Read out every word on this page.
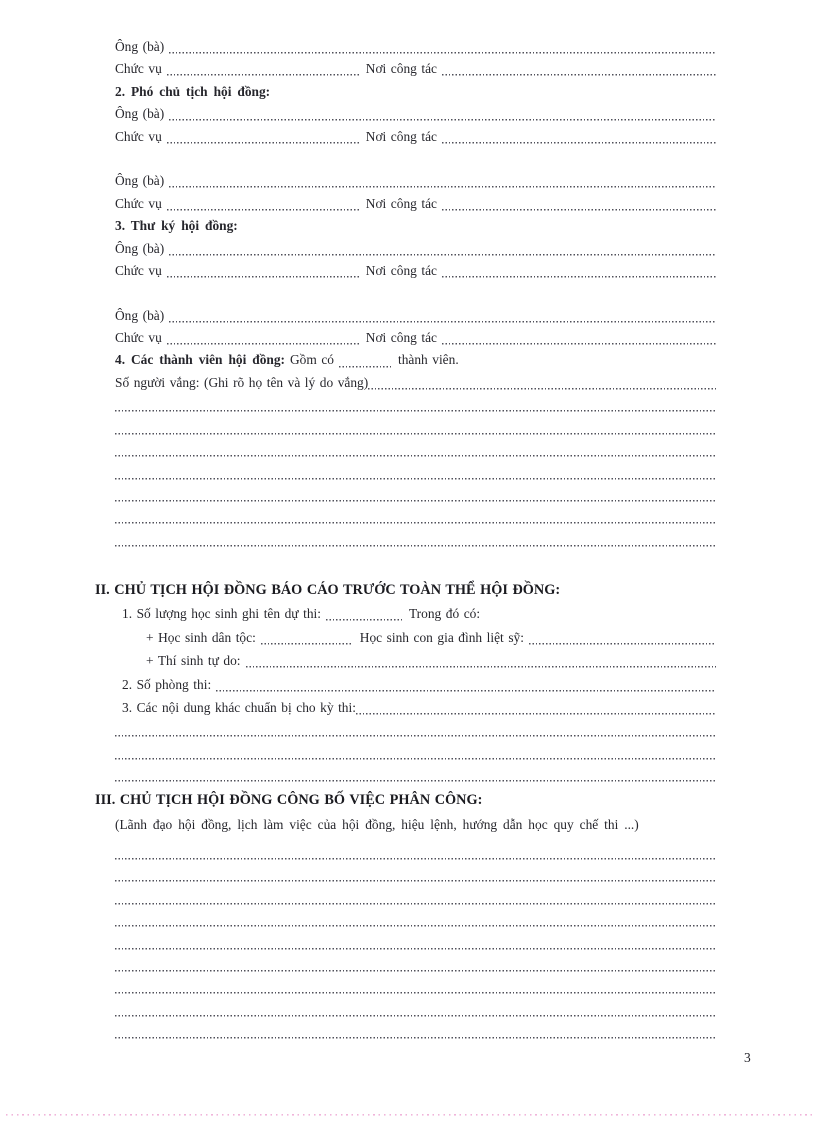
Ông (bà)
Chức vụ	Nơi công tác
2. Phó chủ tịch hội đồng:
Ông (bà)
Chức vụ	Nơi công tác
Ông (bà)
Chức vụ	Nơi công tác
3. Thư ký hội đồng:
Ông (bà)
Chức vụ	Nơi công tác
Ông (bà)
Chức vụ	Nơi công tác
4. Các thành viên hội đồng: Gồm có	thành viên.
Số người vắng: (Ghi rõ họ tên và lý do vắng)
II. CHỦ TỊCH HỘI ĐỒNG BÁO CÁO TRƯỚC TOÀN THỂ HỘI ĐỒNG:
1. Số lượng học sinh ghi tên dự thi:	Trong đó có:
+ Học sinh dân tộc:	Học sinh con gia đình liệt sỹ:
+ Thí sinh tự do:
2. Số phòng thi:
3. Các nội dung khác chuẩn bị cho kỳ thi:
III. CHỦ TỊCH HỘI ĐỒNG CÔNG BỐ VIỆC PHÂN CÔNG:
(Lãnh đạo hội đồng, lịch làm việc của hội đồng, hiệu lệnh, hướng dẫn học quy chế thi ...)
3
